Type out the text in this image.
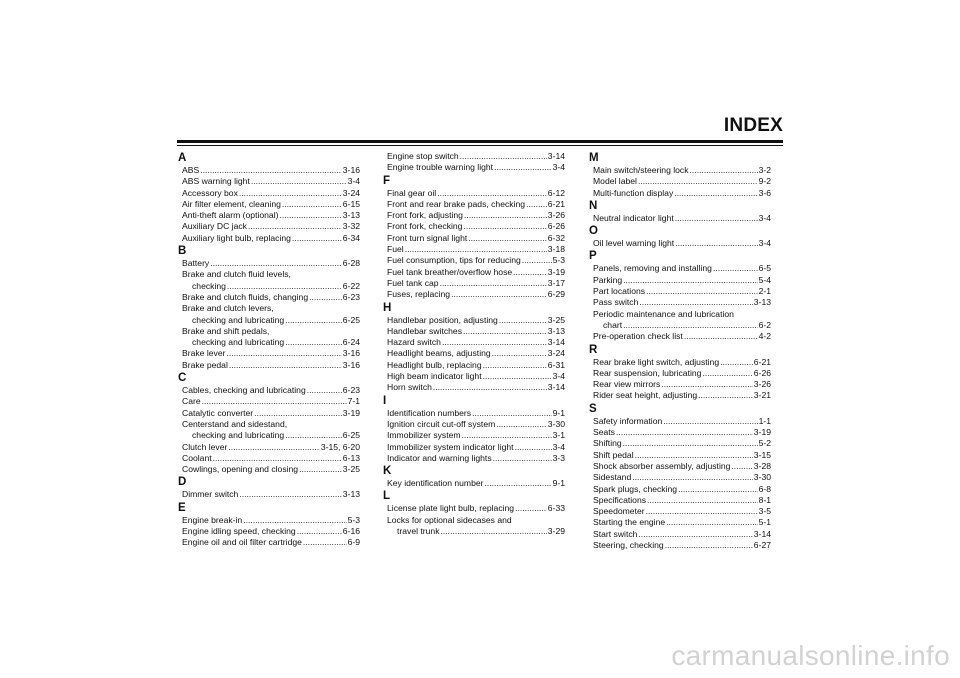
INDEX
A
ABS .....	3-16
ABS warning light .....	3-4
Accessory box .....	3-24
Air filter element, cleaning .....	6-15
Anti-theft alarm (optional) .....	3-13
Auxiliary DC jack .....	3-32
Auxiliary light bulb, replacing .....	6-34
B
Battery .....	6-28
Brake and clutch fluid levels,
checking .....	6-22
Brake and clutch fluids, changing .....	6-23
Brake and clutch levers,
checking and lubricating .....	6-25
Brake and shift pedals,
checking and lubricating .....	6-24
Brake lever .....	3-16
Brake pedal .....	3-16
C
Cables, checking and lubricating .....	6-23
Care .....	7-1
Catalytic converter .....	3-19
Centerstand and sidestand,
checking and lubricating .....	6-25
Clutch lever .....	3-15, 6-20
Coolant .....	6-13
Cowlings, opening and closing .....	3-25
D
Dimmer switch .....	3-13
E
Engine break-in .....	5-3
Engine idling speed, checking .....	6-16
Engine oil and oil filter cartridge .....	6-9
Engine stop switch .....	3-14
Engine trouble warning light .....	3-4
F
Final gear oil .....	6-12
Front and rear brake pads, checking .....	6-21
Front fork, adjusting .....	3-26
Front fork, checking .....	6-26
Front turn signal light .....	6-32
Fuel .....	3-18
Fuel consumption, tips for reducing .....	5-3
Fuel tank breather/overflow hose .....	3-19
Fuel tank cap .....	3-17
Fuses, replacing .....	6-29
H
Handlebar position, adjusting .....	3-25
Handlebar switches .....	3-13
Hazard switch .....	3-14
Headlight beams, adjusting .....	3-24
Headlight bulb, replacing .....	6-31
High beam indicator light .....	3-4
Horn switch .....	3-14
I
Identification numbers .....	9-1
Ignition circuit cut-off system .....	3-30
Immobilizer system .....	3-1
Immobilizer system indicator light .....	3-4
Indicator and warning lights .....	3-3
K
Key identification number .....	9-1
L
License plate light bulb, replacing .....	6-33
Locks for optional sidecases and
travel trunk .....	3-29
M
Main switch/steering lock .....	3-2
Model label .....	9-2
Multi-function display .....	3-6
N
Neutral indicator light .....	3-4
O
Oil level warning light .....	3-4
P
Panels, removing and installing .....	6-5
Parking .....	5-4
Part locations .....	2-1
Pass switch .....	3-13
Periodic maintenance and lubrication
chart .....	6-2
Pre-operation check list .....	4-2
R
Rear brake light switch, adjusting .....	6-21
Rear suspension, lubricating .....	6-26
Rear view mirrors .....	3-26
Rider seat height, adjusting .....	3-21
S
Safety information .....	1-1
Seats .....	3-19
Shifting .....	5-2
Shift pedal .....	3-15
Shock absorber assembly, adjusting .....	3-28
Sidestand .....	3-30
Spark plugs, checking .....	6-8
Specifications .....	8-1
Speedometer .....	3-5
Starting the engine .....	5-1
Start switch .....	3-14
Steering, checking .....	6-27
carmanualsonline.info
